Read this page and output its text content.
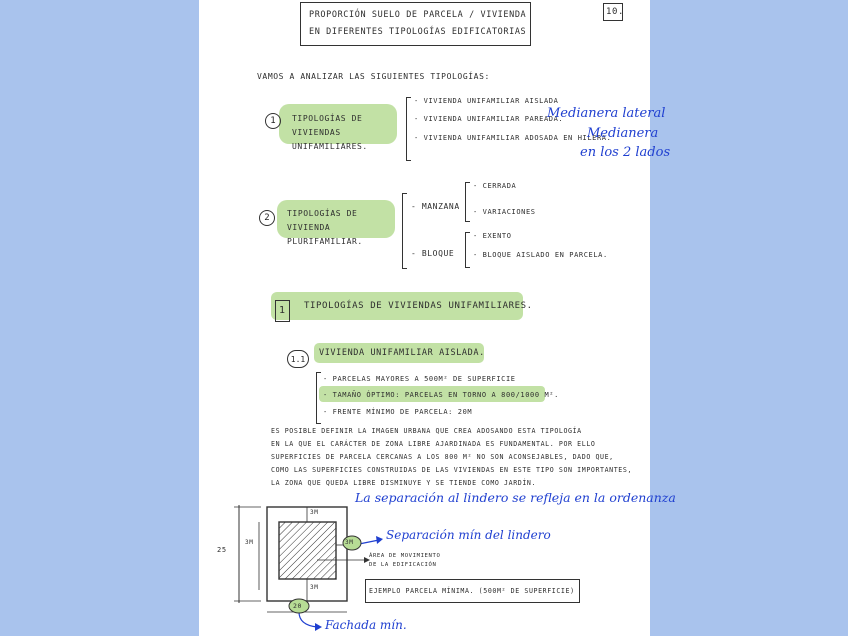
PROPORCIÓN SUELO DE PARCELA / VIVIENDA
EN DIFERENTES TIPOLOGÍAS EDIFICATORIAS
10.
VAMOS A ANALIZAR LAS SIGUIENTES TIPOLOGÍAS:
1	TIPOLOGÍAS DE VIVIENDAS UNIFAMILIARES.
- VIVIENDA UNIFAMILIAR AISLADA
- VIVIENDA UNIFAMILIAR PAREADA.
- VIVIENDA UNIFAMILIAR ADOSADA EN HILERA.
Medianera lateral
Medianera
en los 2 lados
2	TIPOLOGÍAS DE VIVIENDA PLURIFAMILIAR.
- MANZANA
- CERRADA
- VARIACIONES
- BLOQUE
- EXENTO
- BLOQUE AISLADO EN PARCELA.
1 TIPOLOGÍAS DE VIVIENDAS UNIFAMILIARES.
1.1
VIVIENDA UNIFAMILIAR AISLADA.
- PARCELAS MAYORES A 500M² DE SUPERFICIE
- TAMAÑO ÓPTIMO: PARCELAS EN TORNO A 800/1000 M².
- FRENTE MÍNIMO DE PARCELA: 20M
ES POSIBLE DEFINIR LA IMAGEN URBANA QUE CREA ADOSANDO ESTA TIPOLOGÍA
EN LA QUE EL CARÁCTER DE ZONA LIBRE AJARDINADA ES FUNDAMENTAL. POR ELLO
SUPERFICIES DE PARCELA CERCANAS A LOS 800 M² NO SON ACONSEJABLES, DADO QUE,
COMO LAS SUPERFICIES CONSTRUIDAS DE LAS VIVIENDAS EN ESTE TIPO SON IMPORTANTES,
LA ZONA QUE QUEDA LIBRE DISMINUYE Y SE TIENDE COMO JARDÍN.
La separación al lindero se refleja en la ordenanza
25
3M
3M
3M
3M
20
ÁREA DE MOVIMIENTO DE LA EDIFICACIÓN
Separación mín del lindero
EJEMPLO PARCELA MÍNIMA. (500M² DE SUPERFICIE)
Fachada mín.
